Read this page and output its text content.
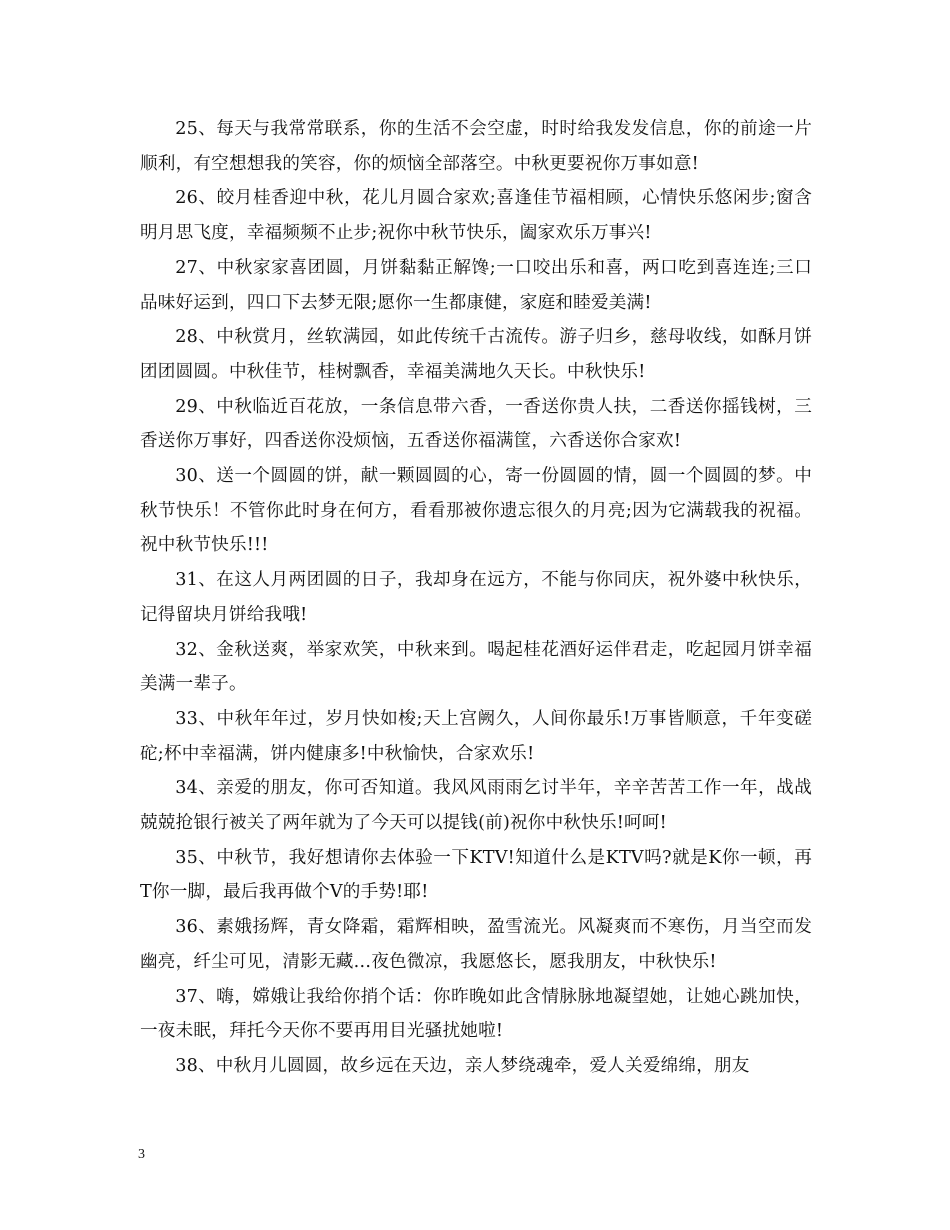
25、每天与我常常联系，你的生活不会空虚，时时给我发发信息，你的前途一片顺利，有空想想我的笑容，你的烦恼全部落空。中秋更要祝你万事如意!

26、皎月桂香迎中秋，花儿月圆合家欢;喜逢佳节福相顾，心情快乐悠闲步;窗含明月思飞度，幸福频频不止步;祝你中秋节快乐，阖家欢乐万事兴!

27、中秋家家喜团圆，月饼黏黏正解馋;一口咬出乐和喜，两口吃到喜连连;三口品味好运到，四口下去梦无限;愿你一生都康健，家庭和睦爱美满!

28、中秋赏月，丝软满园，如此传统千古流传。游子归乡，慈母收线，如酥月饼团团圆圆。中秋佳节，桂树飘香，幸福美满地久天长。中秋快乐!

29、中秋临近百花放，一条信息带六香，一香送你贵人扶，二香送你摇钱树，三香送你万事好，四香送你没烦恼，五香送你福满筐，六香送你合家欢!

30、送一个圆圆的饼，献一颗圆圆的心，寄一份圆圆的情，圆一个圆圆的梦。中秋节快乐！不管你此时身在何方，看看那被你遗忘很久的月亮;因为它满载我的祝福。祝中秋节快乐!!!

31、在这人月两团圆的日子，我却身在远方，不能与你同庆，祝外婆中秋快乐，记得留块月饼给我哦!

32、金秋送爽，举家欢笑，中秋来到。喝起桂花酒好运伴君走，吃起园月饼幸福美满一辈子。

33、中秋年年过，岁月快如梭;天上宫阙久，人间你最乐!万事皆顺意，千年变磋砣;杯中幸福满，饼内健康多!中秋愉快，合家欢乐!

34、亲爱的朋友，你可否知道。我风风雨雨乞讨半年，辛辛苦苦工作一年，战战兢兢抢银行被关了两年就为了今天可以提钱(前)祝你中秋快乐!呵呵!

35、中秋节，我好想请你去体验一下KTV!知道什么是KTV吗?就是K你一顿，再T你一脚，最后我再做个V的手势!耶!

36、素娥扬辉，青女降霜，霜辉相映，盈雪流光。风凝爽而不寒伤，月当空而发幽亮，纤尘可见，清影无藏…夜色微凉，我愿悠长，愿我朋友，中秋快乐!

37、嗨，嫦娥让我给你捎个话：你昨晚如此含情脉脉地凝望她，让她心跳加快，一夜未眠，拜托今天你不要再用目光骚扰她啦!

38、中秋月儿圆圆，故乡远在天边，亲人梦绕魂牵，爱人关爱绵绵，朋友

3
